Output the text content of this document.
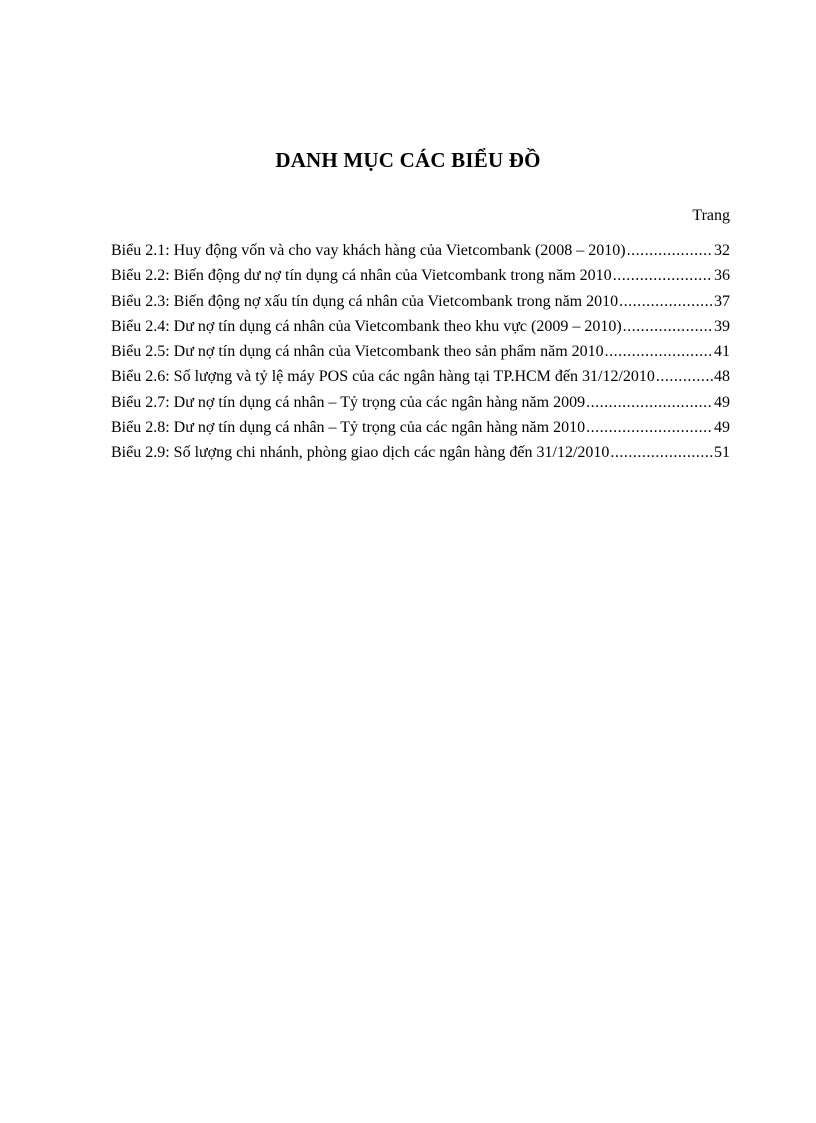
DANH MỤC CÁC BIỂU ĐỒ
Trang
Biểu 2.1: Huy động vốn và cho vay khách hàng của Vietcombank (2008 – 2010) .....	32
Biểu 2.2: Biến động dư nợ tín dụng cá nhân của Vietcombank trong năm 2010 .....	36
Biểu 2.3: Biến động nợ xấu tín dụng cá nhân của Vietcombank trong năm 2010 .....	37
Biểu 2.4: Dư nợ tín dụng cá nhân của Vietcombank theo khu vực (2009 – 2010) .....	39
Biểu 2.5: Dư nợ tín dụng cá nhân của Vietcombank theo sản phẩm năm 2010 .....	41
Biểu 2.6: Số lượng và tỷ lệ máy POS của các ngân hàng tại TP.HCM đến 31/12/2010 .....	48
Biểu 2.7: Dư nợ tín dụng cá nhân – Tỷ trọng của các ngân hàng năm 2009 .....	49
Biểu 2.8: Dư nợ tín dụng cá nhân – Tỷ trọng của các ngân hàng năm 2010 .....	49
Biểu 2.9: Số lượng chi nhánh, phòng giao dịch các ngân hàng đến 31/12/2010 .....	51
